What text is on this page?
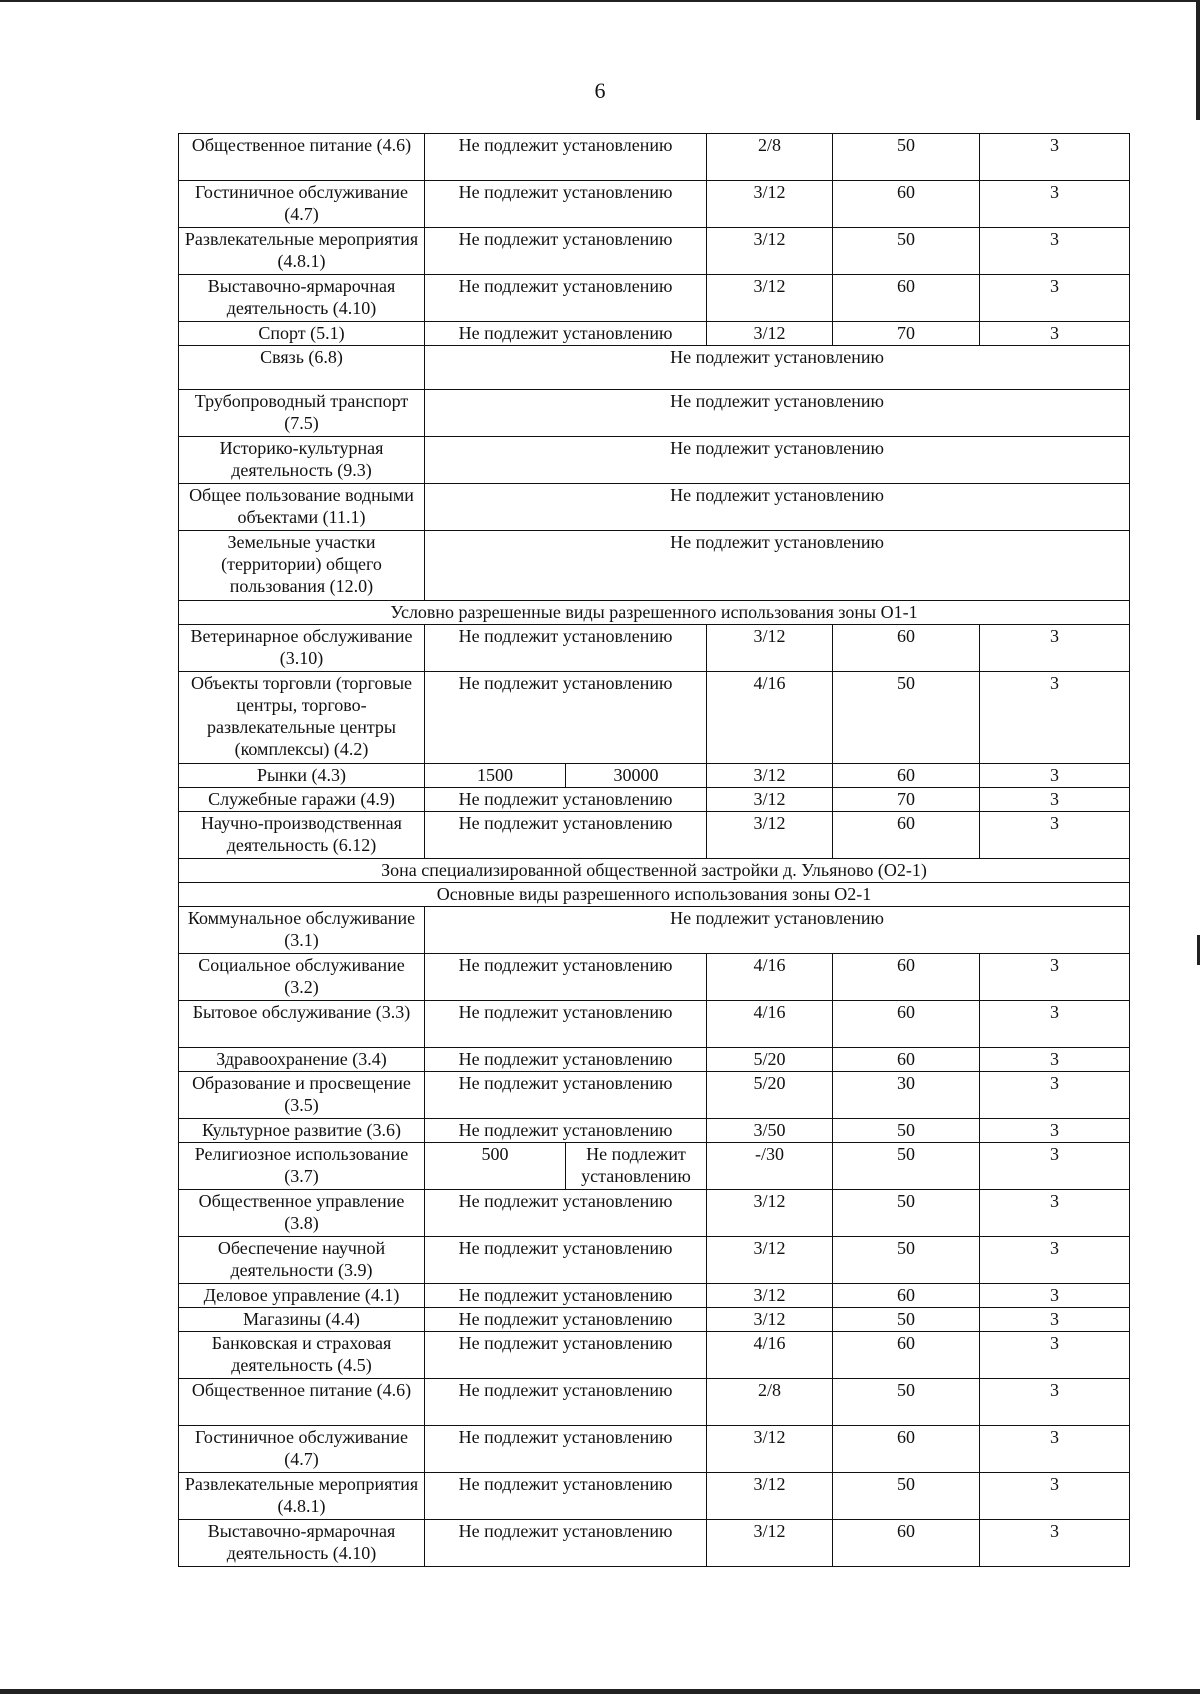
6
Общественное питание (4.6)	Не подлежит установлению		2/8	50	3
Гостиничное обслуживание (4.7)	Не подлежит установлению		3/12	60	3
Развлекательные мероприятия (4.8.1)	Не подлежит установлению		3/12	50	3
Выставочно-ярмарочная деятельность (4.10)	Не подлежит установлению		3/12	60	3
Спорт (5.1)	Не подлежит установлению		3/12	70	3
Связь (6.8)	Не подлежит установлению				
Трубопроводный транспорт (7.5)	Не подлежит установлению				
Историко-культурная деятельность (9.3)	Не подлежит установлению				
Общее пользование водными объектами (11.1)	Не подлежит установлению				
Земельные участки (территории) общего пользования (12.0)	Не подлежит установлению				
Условно разрешенные виды разрешенного использования зоны О1-1					
Ветеринарное обслуживание (3.10)	Не подлежит установлению		3/12	60	3
Объекты торговли (торговые центры, торгово-развлекательные центры (комплексы) (4.2)	Не подлежит установлению		4/16	50	3
Рынки (4.3)	1500	30000	3/12	60	3
Служебные гаражи (4.9)	Не подлежит установлению		3/12	70	3
Научно-производственная деятельность (6.12)	Не подлежит установлению		3/12	60	3
Зона специализированной общественной застройки д. Ульяново (О2-1)					
Основные виды разрешенного использования зоны О2-1					
Коммунальное обслуживание (3.1)	Не подлежит установлению				
Социальное обслуживание (3.2)	Не подлежит установлению		4/16	60	3
Бытовое обслуживание (3.3)	Не подлежит установлению		4/16	60	3
Здравоохранение (3.4)	Не подлежит установлению		5/20	60	3
Образование и просвещение (3.5)	Не подлежит установлению		5/20	30	3
Культурное развитие (3.6)	Не подлежит установлению		3/50	50	3
Религиозное использование (3.7)	500	Не подлежит установлению	-/30	50	3
Общественное управление (3.8)	Не подлежит установлению		3/12	50	3
Обеспечение научной деятельности (3.9)	Не подлежит установлению		3/12	50	3
Деловое управление (4.1)	Не подлежит установлению		3/12	60	3
Магазины (4.4)	Не подлежит установлению		3/12	50	3
Банковская и страховая деятельность (4.5)	Не подлежит установлению		4/16	60	3
Общественное питание (4.6)	Не подлежит установлению		2/8	50	3
Гостиничное обслуживание (4.7)	Не подлежит установлению		3/12	60	3
Развлекательные мероприятия (4.8.1)	Не подлежит установлению		3/12	50	3
Выставочно-ярмарочная деятельность (4.10)	Не подлежит установлению		3/12	60	3
